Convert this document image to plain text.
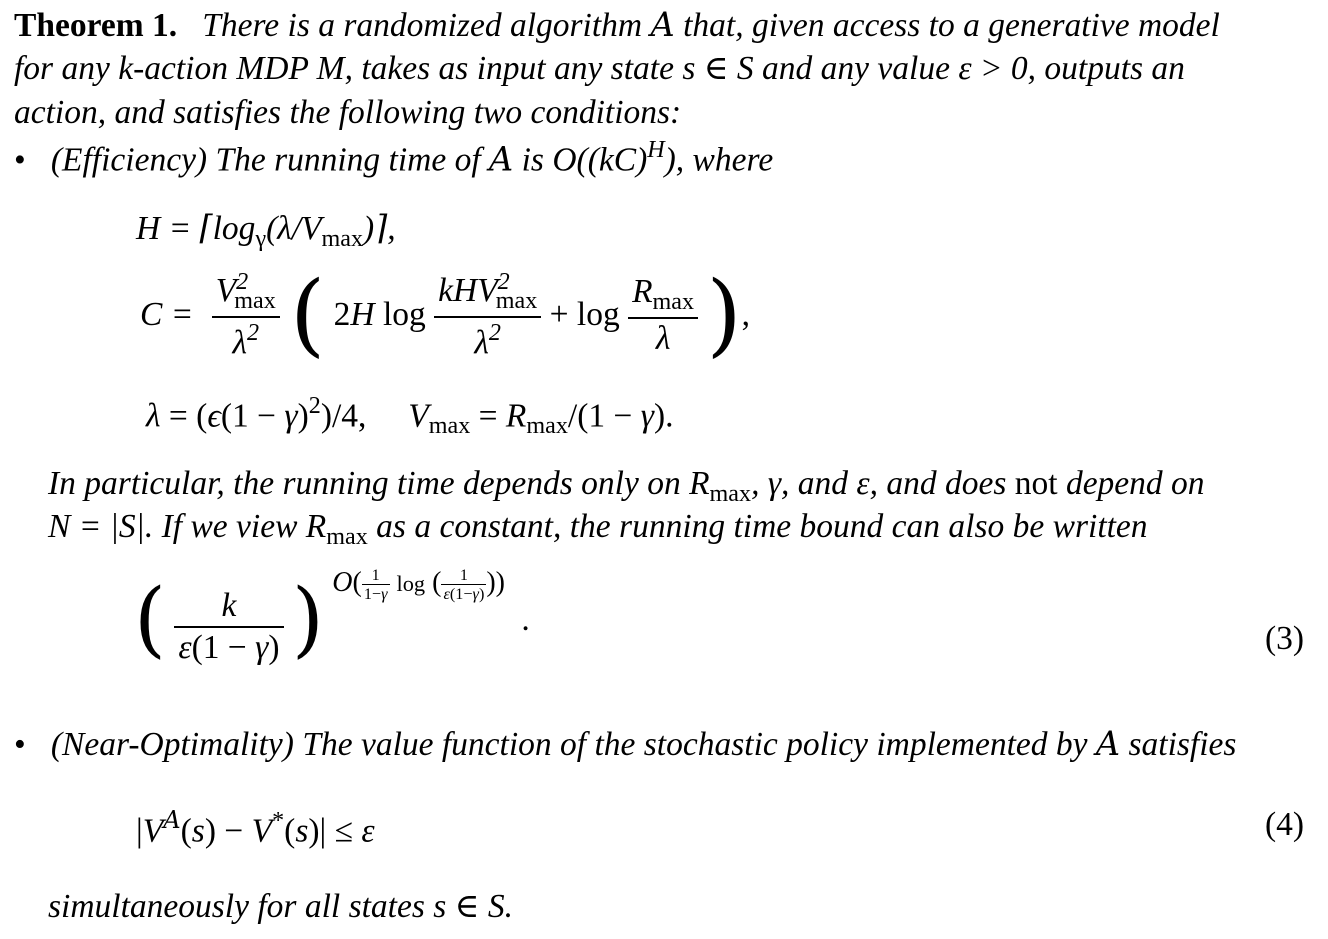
Theorem 1. There is a randomized algorithm A that, given access to a generative model
for any k-action MDP M, takes as input any state s ∈ S and any value ε > 0, outputs an
action, and satisfies the following two conditions:
• (Efficiency) The running time of A is O((kC)$^H$), where
$H = ⌈\log_\gamma(\lambda/V_{max})⌉$,
$C = \frac{V^2_{max}}{\lambda^2}$ ( 2H $\log \frac{kHV^2_{max}}{\lambda^2} + \log \frac{R_{max}}{\lambda}$ ),
$\lambda = (\epsilon(1 - \gamma)^2)/4$,     $V_{max} = R_{max}/(1 - \gamma)$.
In particular, the running time depends only on $R_{max}$, γ, and ε, and does not depend on
N = |S|. If we view $R_{max}$ as a constant, the running time bound can also be written
( $\frac{k}{\varepsilon(1 - \gamma)}$ ) $O( \frac{1}{1-\gamma}$ log ( $\frac{1}{\varepsilon(1-\gamma)}$ )) .
(3)
• (Near-Optimality) The value function of the stochastic policy implemented by A satisfies
$|V^A(s) - V^*(s)| \le \varepsilon$	(4)
simultaneously for all states s ∈ S.
